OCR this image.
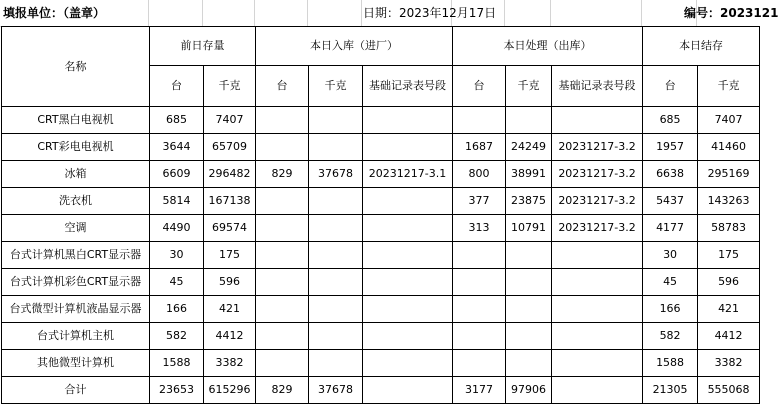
填报单位：（盖章）	日期：2023年12月17日	编号：2023121
名称	前日存量		本日入库（进厂）			本日处理（出库）			本日结存	
	台	千克	台	千克	基础记录表号段	台	千克	基础记录表号段	台	千克
CRT黑白电视机	685	7407							685	7407
CRT彩电电视机	3644	65709				1687	24249	20231217-3.2	1957	41460
冰箱	6609	296482	829	37678	20231217-3.1	800	38991	20231217-3.2	6638	295169
洗衣机	5814	167138				377	23875	20231217-3.2	5437	143263
空调	4490	69574				313	10791	20231217-3.2	4177	58783
台式计算机黑白CRT显示器	30	175							30	175
台式计算机彩色CRT显示器	45	596							45	596
台式微型计算机液晶显示器	166	421							166	421
台式计算机主机	582	4412							582	4412
其他微型计算机	1588	3382							1588	3382
合计	23653	615296	829	37678		3177	97906		21305	555068
